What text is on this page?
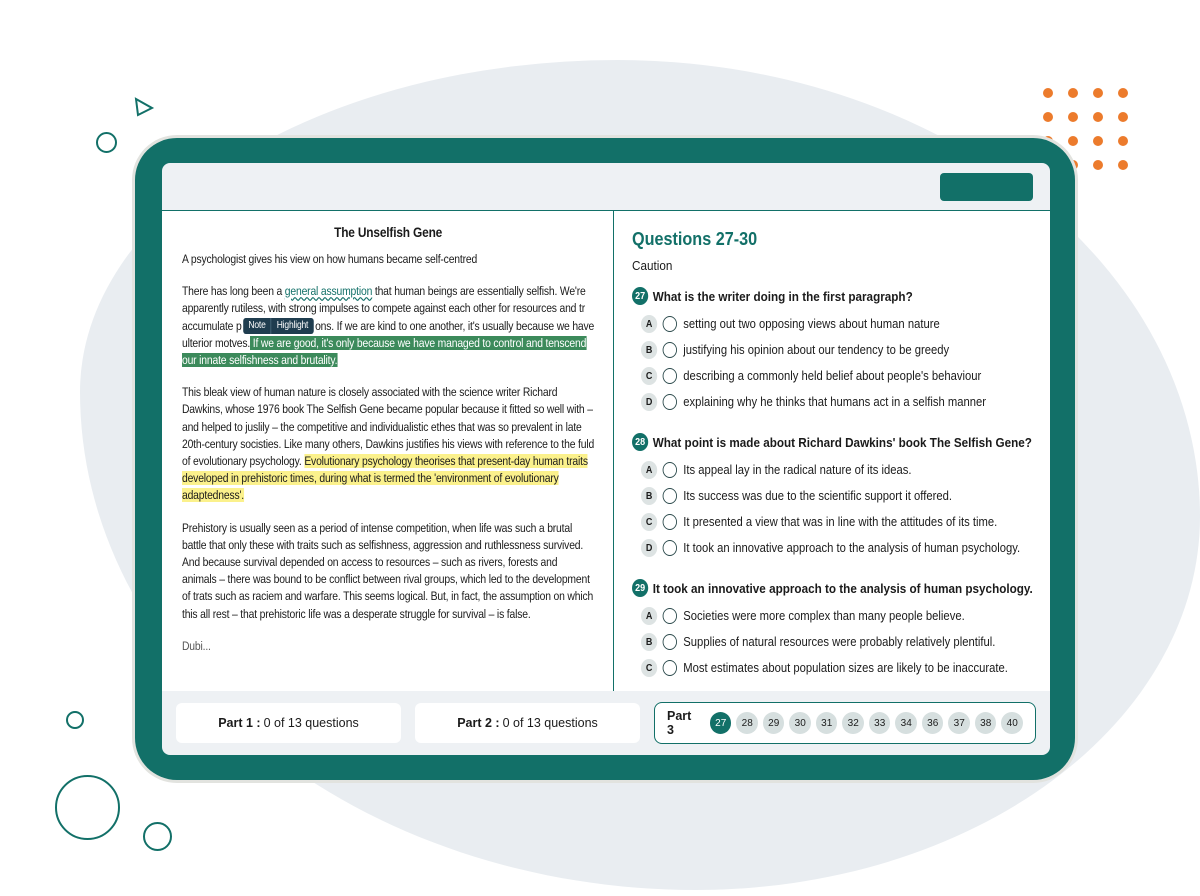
The Unselfish Gene

A psychologist gives his view on how humans became self-centred

There has long been a general assumption that human beings are essentially selfish. We're apparently rutiless, with strong impulses to compete against each other for resources and tr accumulate p Note	Highlight ons. If we are kind to one another, it's usually because we have ulterior motves. If we are good, it's only because we have managed to control and tenscend our innate selfishness and brutality.

This bleak view of human nature is closely associated with the science writer Richard Dawkins, whose 1976 book The Selfish Gene became popular because it fitted so well with – and helped to juslily – the competitive and individualistic ethes that was so prevalent in late 20th-century socisties. Like many others, Dawkins justifies his views with reference to the fuld of evolutionary psychology. Evolutionary psychology theorises that present-day human traits developed in prehistoric times, during what is termed the 'environment of evolutionary adaptedness'.

Prehistory is usually seen as a period of intense competition, when life was such a brutal battle that only these with traits such as selfishness, aggression and ruthlessness survived. And because survival depended on access to resources – such as rivers, forests and animals – there was bound to be conflict between rival groups, which led to the development of trats such as raciem and warfare. This seems logical. But, in fact, the assumption on which this all rest – that prehistoric life was a desperate struggle for survival – is false.

Dubi...

Questions 27-30
Caution
27 What is the writer doing in the first paragraph?
A	setting out two opposing views about human nature
B	justifying his opinion about our tendency to be greedy
C	describing a commonly held belief about people's behaviour
D	explaining why he thinks that humans act in a selfish manner
28 What point is made about Richard Dawkins' book The Selfish Gene?
A	Its appeal lay in the radical nature of its ideas.
B	Its success was due to the scientific support it offered.
C	It presented a view that was in line with the attitudes of its time.
D	It took an innovative approach to the analysis of human psychology.
29 It took an innovative approach to the analysis of human psychology.
A	Societies were more complex than many people believe.
B	Supplies of natural resources were probably relatively plentiful.
C	Most estimates about population sizes are likely to be inaccurate.
Part 1 : 0 of 13 questions	Part 2 : 0 of 13 questions	Part 3	27	28	29	30	31	32	33	34	36	37	38	40
